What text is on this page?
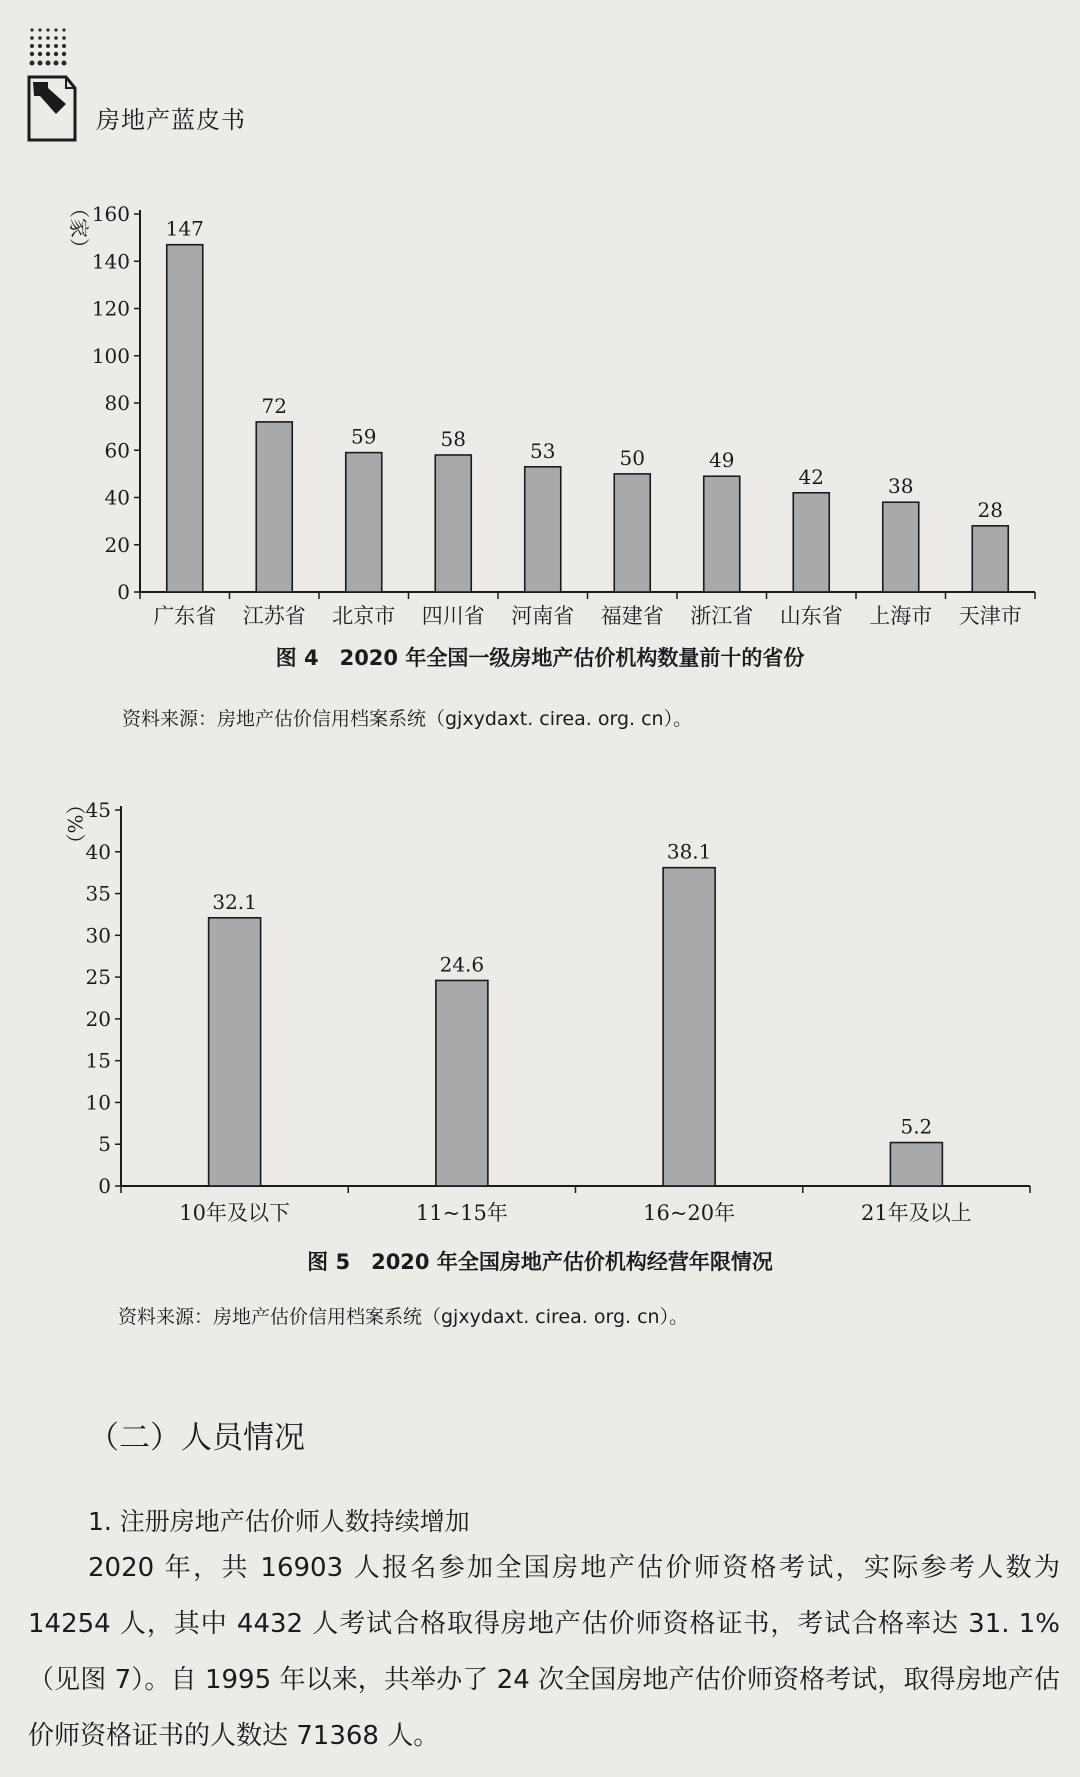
房地产蓝皮书
0
20
40
60
80
100
120
140
160
（家）	147
广东省
72
江苏省
59
北京市
58
四川省
53
河南省
50
福建省
49
浙江省
42
山东省
38
上海市
28
天津市
图 4　2020 年全国一级房地产估价机构数量前十的省份
资料来源：房地产估价信用档案系统（gjxydaxt. cirea. org. cn）。
0
5
10
15
20
25
30
35
40
45
（%）
32.1
10年及以下
24.6
11~15年
38.1
16~20年
5.2
21年及以上
图 5　2020 年全国房地产估价机构经营年限情况
资料来源：房地产估价信用档案系统（gjxydaxt. cirea. org. cn）。
（二）人员情况
1. 注册房地产估价师人数持续增加
2020 年，共 16903 人报名参加全国房地产估价师资格考试，实际参考人数为 14254 人，其中 4432 人考试合格取得房地产估价师资格证书，考试合格率达 31. 1%（见图 7）。自 1995 年以来，共举办了 24 次全国房地产估价师资格考试，取得房地产估价师资格证书的人数达 71368 人。
